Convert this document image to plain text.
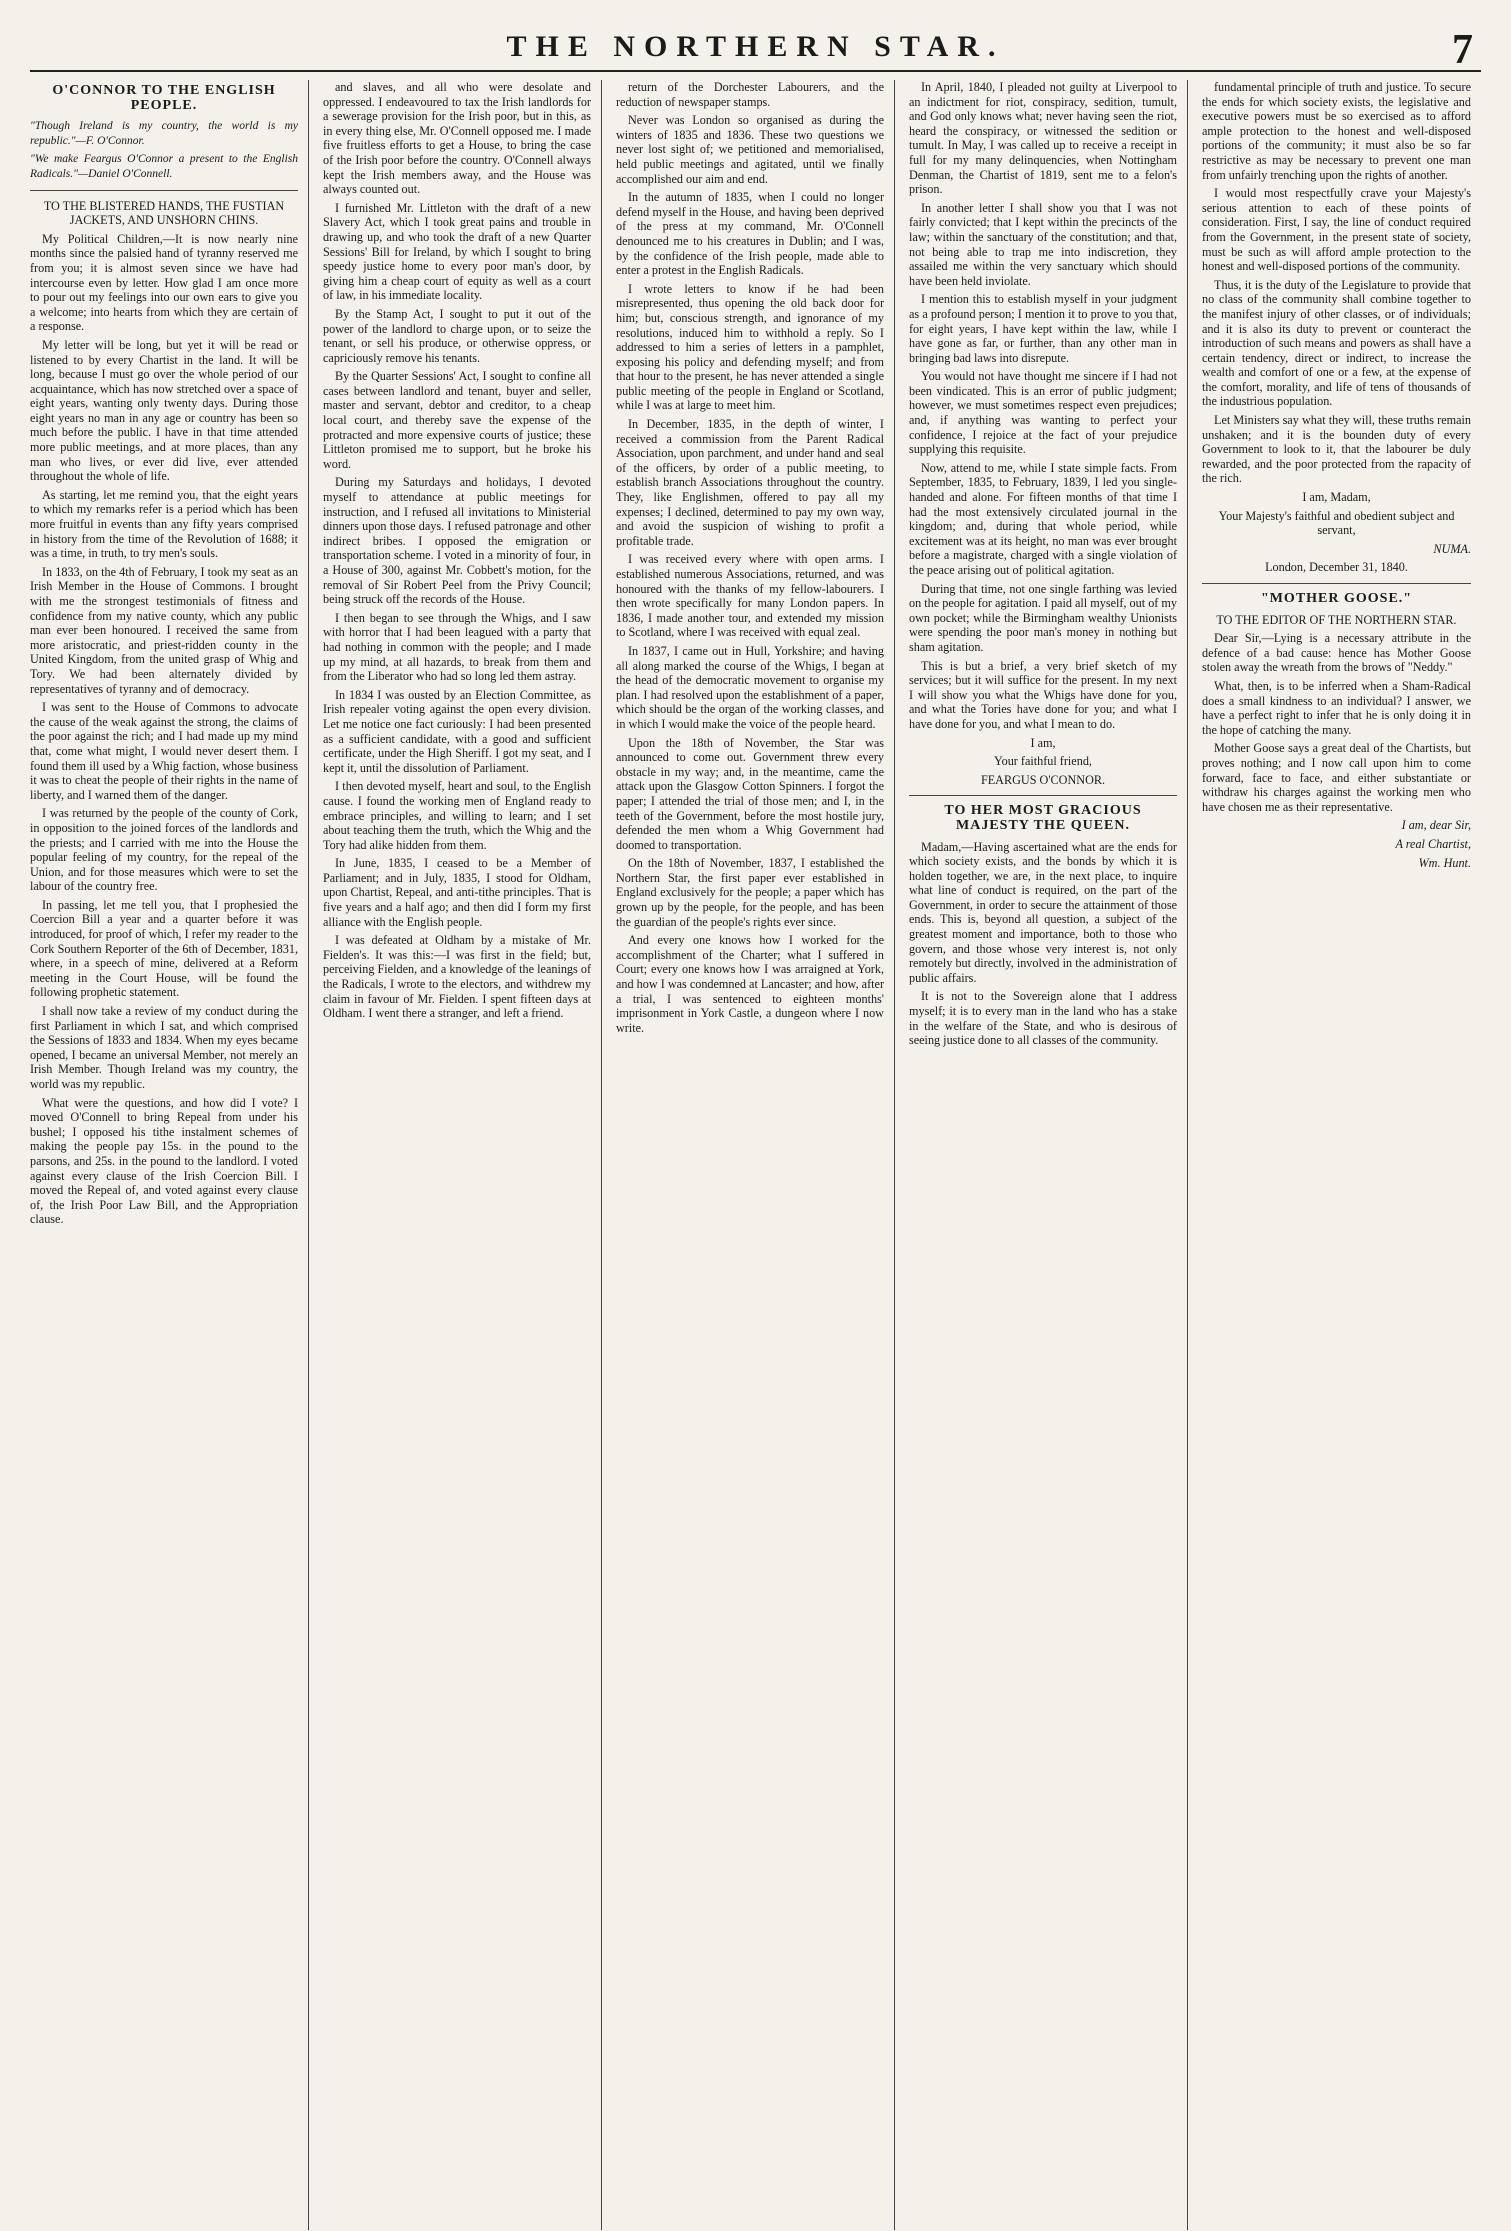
THE NORTHERN STAR.	7

O'CONNOR TO THE ENGLISH PEOPLE.

"Though Ireland is my country, the world is my republic."—F. O'Connor.

"We make Feargus O'Connor a present to the English Radicals."—Daniel O'Connell.

TO THE BLISTERED HANDS, THE FUSTIAN JACKETS, AND UNSHORN CHINS.

My Political Children,—It is now nearly nine months since the palsied hand of tyranny reserved me from you; it is almost seven since we have had intercourse even by letter. How glad I am once more to pour out my feelings into our own ears to give you a welcome; into hearts from which they are certain of a response.

My letter will be long, but yet it will be read or listened to by every Chartist in the land. It will be long, because I must go over the whole period of our acquaintance, which has now stretched over a space of eight years, wanting only twenty days. During those eight years no man in any age or country has been so much before the public. I have in that time attended more public meetings, and at more places, than any man who lives, or ever did live, ever attended throughout the whole of life.

As starting, let me remind you, that the eight years to which my remarks refer is a period which has been more fruitful in events than any fifty years comprised in history from the time of the Revolution of 1688; it was a time, in truth, to try men's souls.

In 1833, on the 4th of February, I took my seat as an Irish Member in the House of Commons. I brought with me the strongest testimonials of fitness and confidence from my native county, which any public man ever been honoured. I received the same from more aristocratic, and priest-ridden county in the United Kingdom, from the united grasp of Whig and Tory. We had been alternately divided by representatives of tyranny and of democracy.

I was sent to the House of Commons to advocate the cause of the weak against the strong, the claims of the poor against the rich; and I had made up my mind that, come what might, I would never desert them. I found them ill used by a Whig faction, whose business it was to cheat the people of their rights in the name of liberty, and I warned them of the danger.

I was returned by the people of the county of Cork, in opposition to the joined forces of the landlords and the priests; and I carried with me into the House the popular feeling of my country, for the repeal of the Union, and for those measures which were to set the labour of the country free.

In passing, let me tell you, that I prophesied the Coercion Bill a year and a quarter before it was introduced, for proof of which, I refer my reader to the Cork Southern Reporter of the 6th of December, 1831, where, in a speech of mine, delivered at a Reform meeting in the Court House, will be found the following prophetic statement.

I shall now take a review of my conduct during the first Parliament in which I sat, and which comprised the Sessions of 1833 and 1834. When my eyes became opened, I became an universal Member, not merely an Irish Member. Though Ireland was my country, the world was my republic.

What were the questions, and how did I vote? I moved O'Connell to bring Repeal from under his bushel; I opposed his tithe instalment schemes of making the people pay 15s. in the pound to the parsons, and 25s. in the pound to the landlord. I voted against every clause of the Irish Coercion Bill. I moved the Repeal of, and voted against every clause of, the Irish Poor Law Bill, and the Appropriation clause.

and slaves, and all who were desolate and oppressed. I endeavoured to tax the Irish landlords for a sewerage provision for the Irish poor, but in this, as in every thing else, Mr. O'Connell opposed me. I made five fruitless efforts to get a House, to bring the case of the Irish poor before the country. O'Connell always kept the Irish members away, and the House was always counted out.

I furnished Mr. Littleton with the draft of a new Slavery Act, which I took great pains and trouble in drawing up, and who took the draft of a new Quarter Sessions' Bill for Ireland, by which I sought to bring speedy justice home to every poor man's door, by giving him a cheap court of equity as well as a court of law, in his immediate locality.

By the Stamp Act, I sought to put it out of the power of the landlord to charge upon, or to seize the tenant, or sell his produce, or otherwise oppress, or capriciously remove his tenants.

By the Quarter Sessions' Act, I sought to confine all cases between landlord and tenant, buyer and seller, master and servant, debtor and creditor, to a cheap local court, and thereby save the expense of the protracted and more expensive courts of justice; these Littleton promised me to support, but he broke his word.

During my Saturdays and holidays, I devoted myself to attendance at public meetings for instruction, and I refused all invitations to Ministerial dinners upon those days. I refused patronage and other indirect bribes. I opposed the emigration or transportation scheme. I voted in a minority of four, in a House of 300, against Mr. Cobbett's motion, for the removal of Sir Robert Peel from the Privy Council; being struck off the records of the House.

I then began to see through the Whigs, and I saw with horror that I had been leagued with a party that had nothing in common with the people; and I made up my mind, at all hazards, to break from them and from the Liberator who had so long led them astray.

In 1834 I was ousted by an Election Committee, as Irish repealer voting against the open every division. Let me notice one fact curiously: I had been presented as a sufficient candidate, with a good and sufficient certificate, under the High Sheriff. I got my seat, and I kept it, until the dissolution of Parliament.

I then devoted myself, heart and soul, to the English cause. I found the working men of England ready to embrace principles, and willing to learn; and I set about teaching them the truth, which the Whig and the Tory had alike hidden from them.

In June, 1835, I ceased to be a Member of Parliament; and in July, 1835, I stood for Oldham, upon Chartist, Repeal, and anti-tithe principles. That is five years and a half ago; and then did I form my first alliance with the English people.

I was defeated at Oldham by a mistake of Mr. Fielden's. It was this:—I was first in the field; but, perceiving Fielden, and a knowledge of the leanings of the Radicals, I wrote to the electors, and withdrew my claim in favour of Mr. Fielden. I spent fifteen days at Oldham. I went there a stranger, and left a friend.

return of the Dorchester Labourers, and the reduction of newspaper stamps.

Never was London so organised as during the winters of 1835 and 1836. These two questions we never lost sight of; we petitioned and memorialised, held public meetings and agitated, until we finally accomplished our aim and end.

In the autumn of 1835, when I could no longer defend myself in the House, and having been deprived of the press at my command, Mr. O'Connell denounced me to his creatures in Dublin; and I was, by the confidence of the Irish people, made able to enter a protest in the English Radicals.

I wrote letters to know if he had been misrepresented, thus opening the old back door for him; but, conscious strength, and ignorance of my resolutions, induced him to withhold a reply. So I addressed to him a series of letters in a pamphlet, exposing his policy and defending myself; and from that hour to the present, he has never attended a single public meeting of the people in England or Scotland, while I was at large to meet him.

In December, 1835, in the depth of winter, I received a commission from the Parent Radical Association, upon parchment, and under hand and seal of the officers, by order of a public meeting, to establish branch Associations throughout the country. They, like Englishmen, offered to pay all my expenses; I declined, determined to pay my own way, and avoid the suspicion of wishing to profit a profitable trade.

I was received every where with open arms. I established numerous Associations, returned, and was honoured with the thanks of my fellow-labourers. I then wrote specifically for many London papers. In 1836, I made another tour, and extended my mission to Scotland, where I was received with equal zeal.

In 1837, I came out in Hull, Yorkshire; and having all along marked the course of the Whigs, I began at the head of the democratic movement to organise my plan. I had resolved upon the establishment of a paper, which should be the organ of the working classes, and in which I would make the voice of the people heard.

Upon the 18th of November, the Star was announced to come out. Government threw every obstacle in my way; and, in the meantime, came the attack upon the Glasgow Cotton Spinners. I forgot the paper; I attended the trial of those men; and I, in the teeth of the Government, before the most hostile jury, defended the men whom a Whig Government had doomed to transportation.

On the 18th of November, 1837, I established the Northern Star, the first paper ever established in England exclusively for the people; a paper which has grown up by the people, for the people, and has been the guardian of the people's rights ever since.

And every one knows how I worked for the accomplishment of the Charter; what I suffered in Court; every one knows how I was arraigned at York, and how I was condemned at Lancaster; and how, after a trial, I was sentenced to eighteen months' imprisonment in York Castle, a dungeon where I now write.

In April, 1840, I pleaded not guilty at Liverpool to an indictment for riot, conspiracy, sedition, tumult, and God only knows what; never having seen the riot, heard the conspiracy, or witnessed the sedition or tumult. In May, I was called up to receive a receipt in full for my many delinquencies, when Nottingham Denman, the Chartist of 1819, sent me to a felon's prison.

In another letter I shall show you that I was not fairly convicted; that I kept within the precincts of the law; within the sanctuary of the constitution; and that, not being able to trap me into indiscretion, they assailed me within the very sanctuary which should have been held inviolate.

I mention this to establish myself in your judgment as a profound person; I mention it to prove to you that, for eight years, I have kept within the law, while I have gone as far, or further, than any other man in bringing bad laws into disrepute.

You would not have thought me sincere if I had not been vindicated. This is an error of public judgment; however, we must sometimes respect even prejudices; and, if anything was wanting to perfect your confidence, I rejoice at the fact of your prejudice supplying this requisite.

Now, attend to me, while I state simple facts. From September, 1835, to February, 1839, I led you single-handed and alone. For fifteen months of that time I had the most extensively circulated journal in the kingdom; and, during that whole period, while excitement was at its height, no man was ever brought before a magistrate, charged with a single violation of the peace arising out of political agitation.

During that time, not one single farthing was levied on the people for agitation. I paid all myself, out of my own pocket; while the Birmingham wealthy Unionists were spending the poor man's money in nothing but sham agitation.

This is but a brief, a very brief sketch of my services; but it will suffice for the present. In my next I will show you what the Whigs have done for you, and what the Tories have done for you; and what I have done for you, and what I mean to do.

I am,

Your faithful friend,

FEARGUS O'CONNOR.

TO HER MOST GRACIOUS MAJESTY THE QUEEN.

Madam,—Having ascertained what are the ends for which society exists, and the bonds by which it is holden together, we are, in the next place, to inquire what line of conduct is required, on the part of the Government, in order to secure the attainment of those ends. This is, beyond all question, a subject of the greatest moment and importance, both to those who govern, and those whose very interest is, not only remotely but directly, involved in the administration of public affairs.

It is not to the Sovereign alone that I address myself; it is to every man in the land who has a stake in the welfare of the State, and who is desirous of seeing justice done to all classes of the community.

fundamental principle of truth and justice. To secure the ends for which society exists, the legislative and executive powers must be so exercised as to afford ample protection to the honest and well-disposed portions of the community; it must also be so far restrictive as may be necessary to prevent one man from unfairly trenching upon the rights of another.

I would most respectfully crave your Majesty's serious attention to each of these points of consideration. First, I say, the line of conduct required from the Government, in the present state of society, must be such as will afford ample protection to the honest and well-disposed portions of the community.

Thus, it is the duty of the Legislature to provide that no class of the community shall combine together to the manifest injury of other classes, or of individuals; and it is also its duty to prevent or counteract the introduction of such means and powers as shall have a certain tendency, direct or indirect, to increase the wealth and comfort of one or a few, at the expense of the comfort, morality, and life of tens of thousands of the industrious population.

Let Ministers say what they will, these truths remain unshaken; and it is the bounden duty of every Government to look to it, that the labourer be duly rewarded, and the poor protected from the rapacity of the rich.

I am, Madam,

Your Majesty's faithful and obedient subject and servant,

NUMA.

London, December 31, 1840.

"MOTHER GOOSE."

TO THE EDITOR OF THE NORTHERN STAR.

Dear Sir,—Lying is a necessary attribute in the defence of a bad cause: hence has Mother Goose stolen away the wreath from the brows of "Neddy."

What, then, is to be inferred when a Sham-Radical does a small kindness to an individual? I answer, we have a perfect right to infer that he is only doing it in the hope of catching the many.

Mother Goose says a great deal of the Chartists, but proves nothing; and I now call upon him to come forward, face to face, and either substantiate or withdraw his charges against the working men who have chosen me as their representative.

I am, dear Sir,

A real Chartist,

Wm. Hunt.
